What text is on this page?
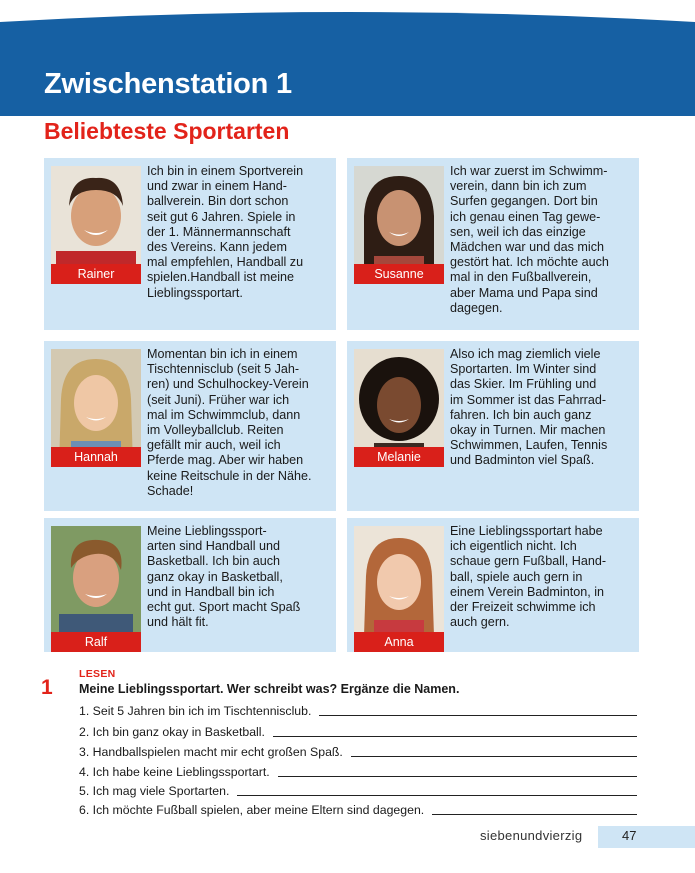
Zwischenstation 1
Beliebteste Sportarten
Rainer
Ich bin in einem Sportverein
und zwar in einem Hand-
ballverein. Bin dort schon
seit gut 6 Jahren. Spiele in
der 1. Männermannschaft
des Vereins. Kann jedem
mal empfehlen, Handball zu
spielen.Handball ist meine
Lieblingssportart.
Susanne
Ich war zuerst im Schwimm-
verein, dann bin ich zum
Surfen gegangen. Dort bin
ich genau einen Tag gewe-
sen, weil ich das einzige
Mädchen war und das mich
gestört hat. Ich möchte auch
mal in den Fußballverein,
aber Mama und Papa sind
dagegen.
Hannah
Momentan bin ich in einem
Tischtennisclub (seit 5 Jah-
ren) und Schulhockey-Verein
(seit Juni). Früher war ich
mal im Schwimmclub, dann
im Volleyballclub. Reiten
gefällt mir auch, weil ich
Pferde mag. Aber wir haben
keine Reitschule in der Nähe.
Schade!
Melanie
Also ich mag ziemlich viele
Sportarten. Im Winter sind
das Skier. Im Frühling und
im Sommer ist das Fahrrad-
fahren. Ich bin auch ganz
okay in Turnen. Mir machen
Schwimmen, Laufen, Tennis
und Badminton viel Spaß.
Ralf
Meine Lieblingssport-
arten sind Handball und
Basketball. Ich bin auch
ganz okay in Basketball,
und in Handball bin ich
echt gut. Sport macht Spaß
und hält fit.
Anna
Eine Lieblingssportart habe
ich eigentlich nicht. Ich
schaue gern Fußball, Hand-
ball, spiele auch gern in
einem Verein Badminton, in
der Freizeit schwimme ich
auch gern.
1
LESEN
Meine Lieblingssportart. Wer schreibt was? Ergänze die Namen.
1. Seit 5 Jahren bin ich im Tischtennisclub.
2. Ich bin ganz okay in Basketball.
3. Handballspielen macht mir echt großen Spaß.
4. Ich habe keine Lieblingssportart.
5. Ich mag viele Sportarten.
6. Ich möchte Fußball spielen, aber meine Eltern sind dagegen.
siebenundvierzig	47
